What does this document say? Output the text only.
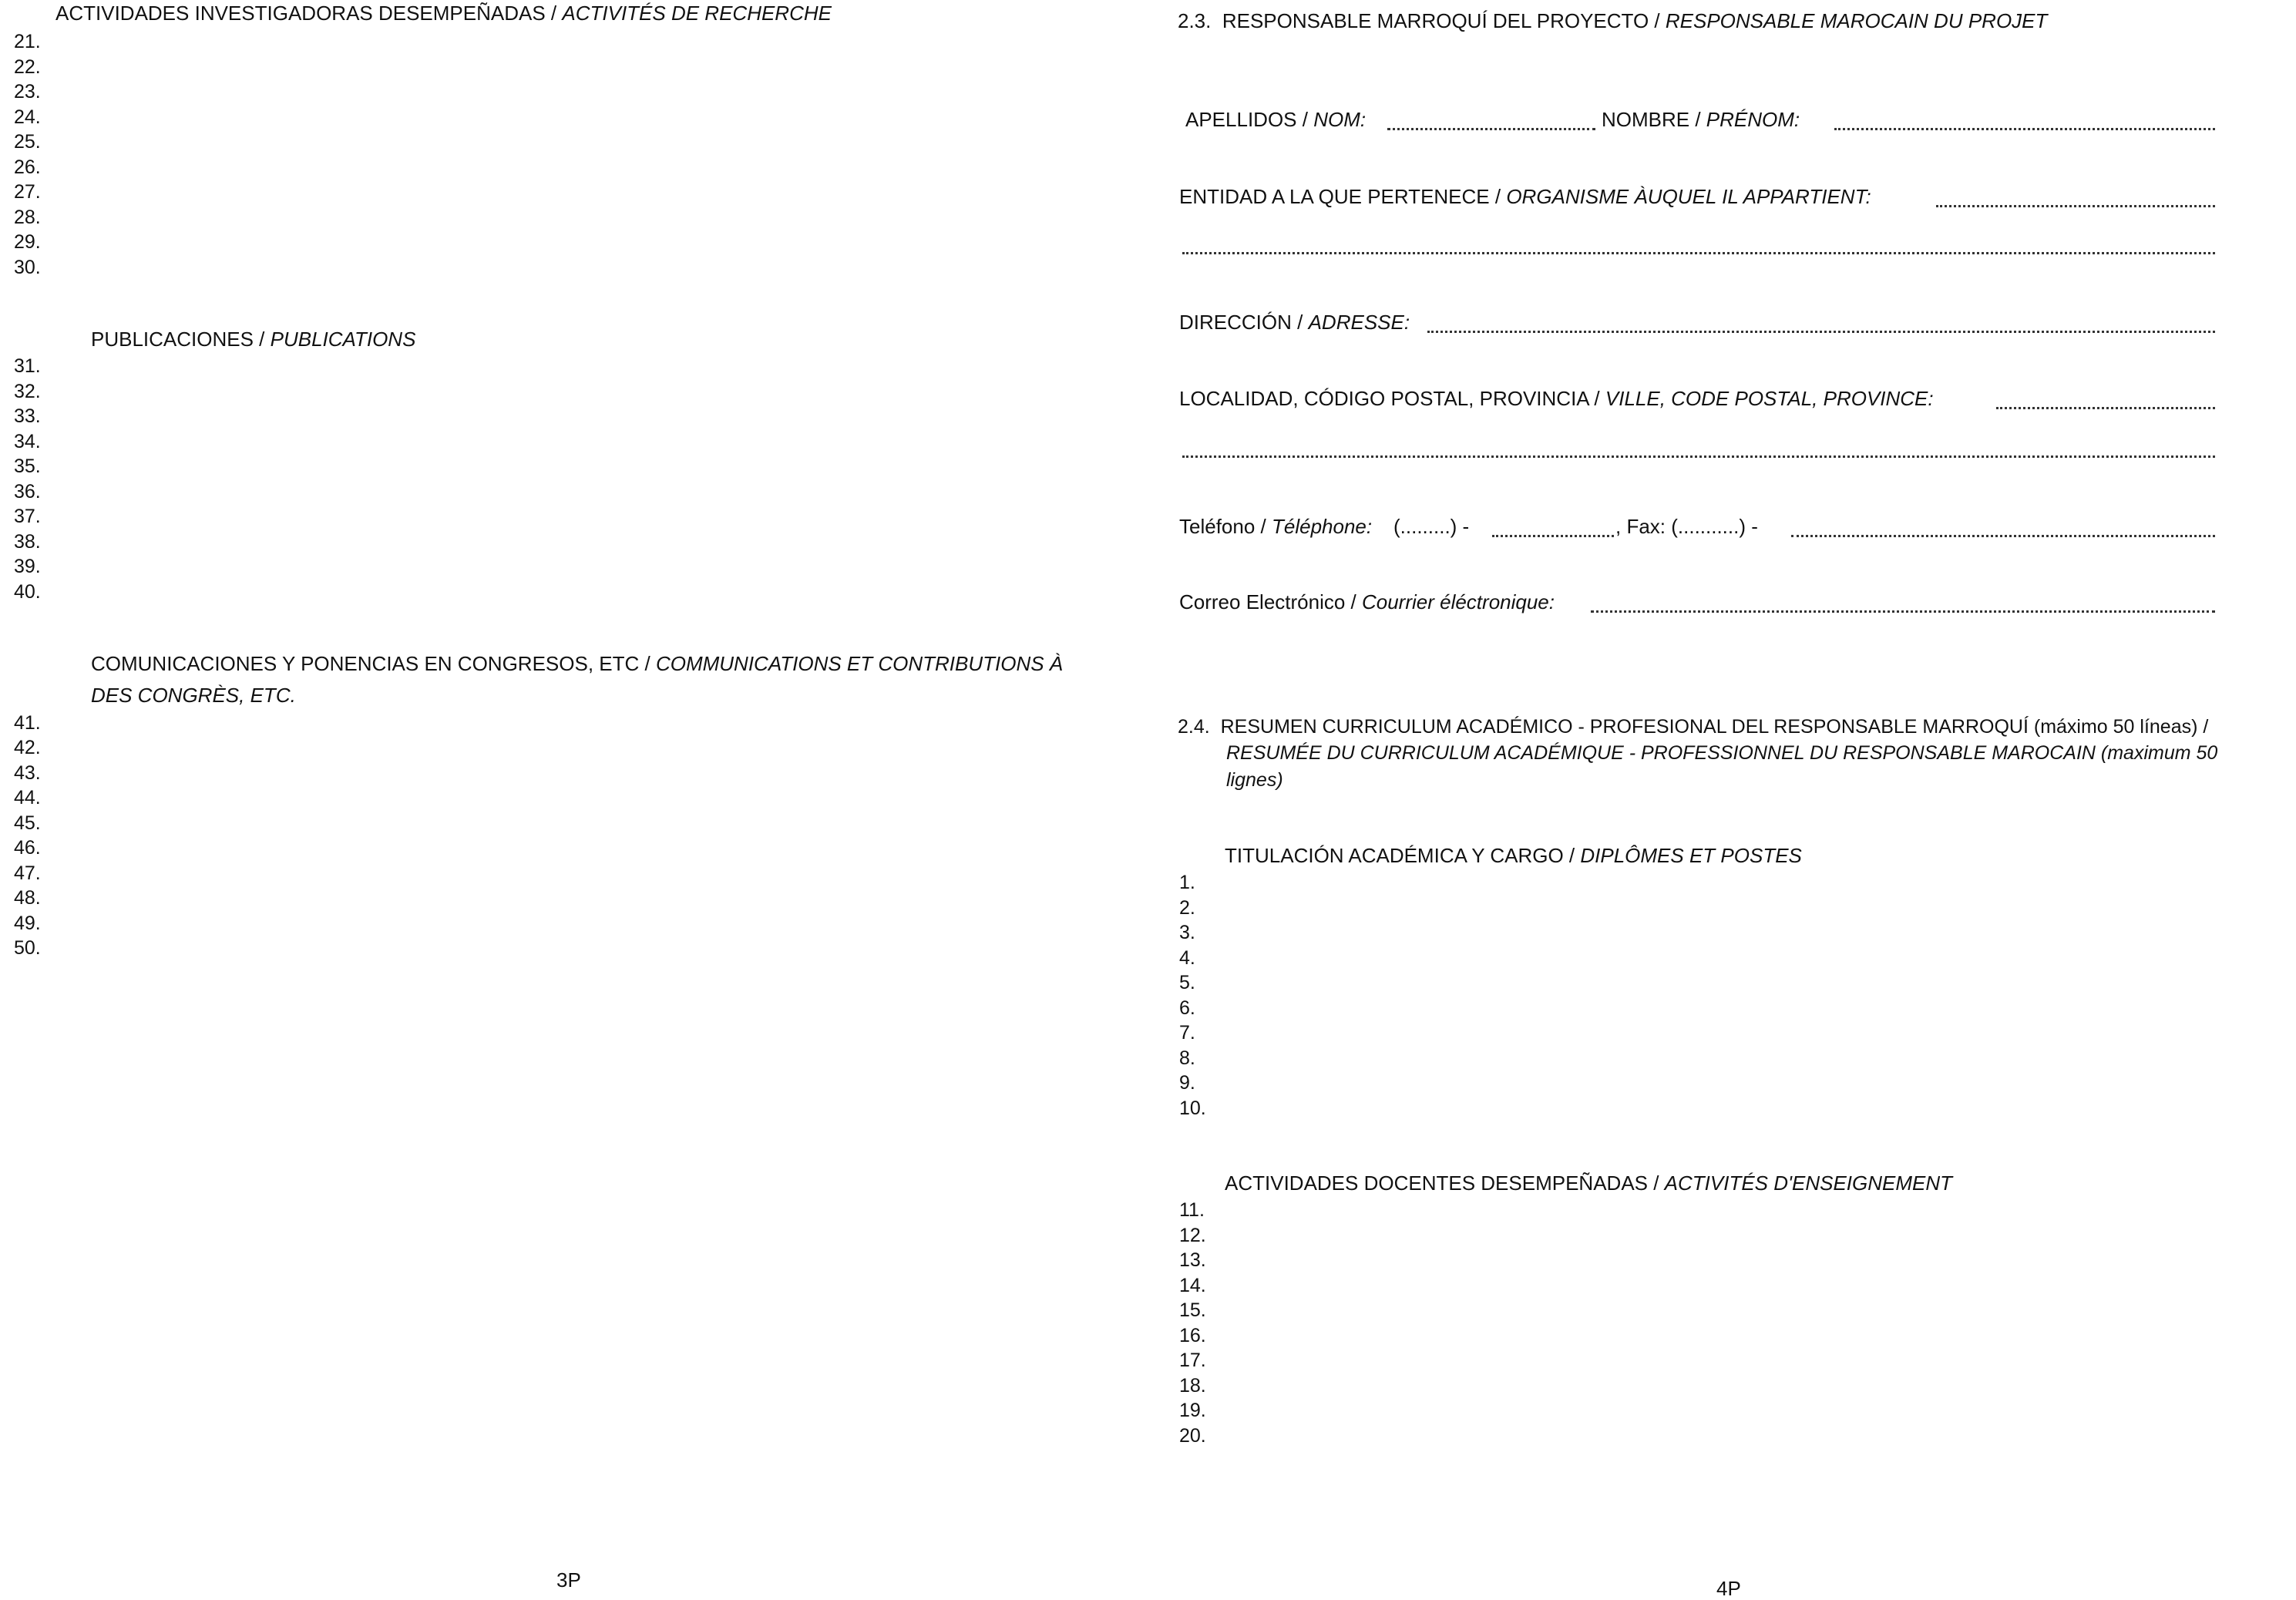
ACTIVIDADES INVESTIGADORAS DESEMPEÑADAS / ACTIVITÉS DE RECHERCHE
21.
22.
23.
24.
25.
26.
27.
28.
29.
30.
PUBLICACIONES / PUBLICATIONS
31.
32.
33.
34.
35.
36.
37.
38.
39.
40.
COMUNICACIONES Y PONENCIAS EN CONGRESOS, ETC / COMMUNICATIONS ET CONTRIBUTIONS À
DES CONGRÈS, ETC.
41.
42.
43.
44.
45.
46.
47.
48.
49.
50.
3P
2.3. RESPONSABLE MARROQUÍ DEL PROYECTO / RESPONSABLE MAROCAIN DU PROJET
APELLIDOS / NOM:	NOMBRE / PRÉNOM:
ENTIDAD A LA QUE PERTENECE / ORGANISME ÀUQUEL IL APPARTIENT:
DIRECCIÓN / ADRESSE:
LOCALIDAD, CÓDIGO POSTAL, PROVINCIA / VILLE, CODE POSTAL, PROVINCE:
Teléfono / Téléphone: (.........) -	, Fax: (...........) -
Correo Electrónico / Courrier éléctronique:
2.4. RESUMEN CURRICULUM ACADÉMICO - PROFESIONAL DEL RESPONSABLE MARROQUÍ (máximo 50 líneas) /
RESUMÉE DU CURRICULUM ACADÉMIQUE - PROFESSIONNEL DU RESPONSABLE MAROCAIN (maximum 50
lignes)
TITULACIÓN ACADÉMICA Y CARGO / DIPLÔMES ET POSTES
1.
2.
3.
4.
5.
6.
7.
8.
9.
10.
ACTIVIDADES DOCENTES DESEMPEÑADAS / ACTIVITÉS D'ENSEIGNEMENT
11.
12.
13.
14.
15.
16.
17.
18.
19.
20.
4P
